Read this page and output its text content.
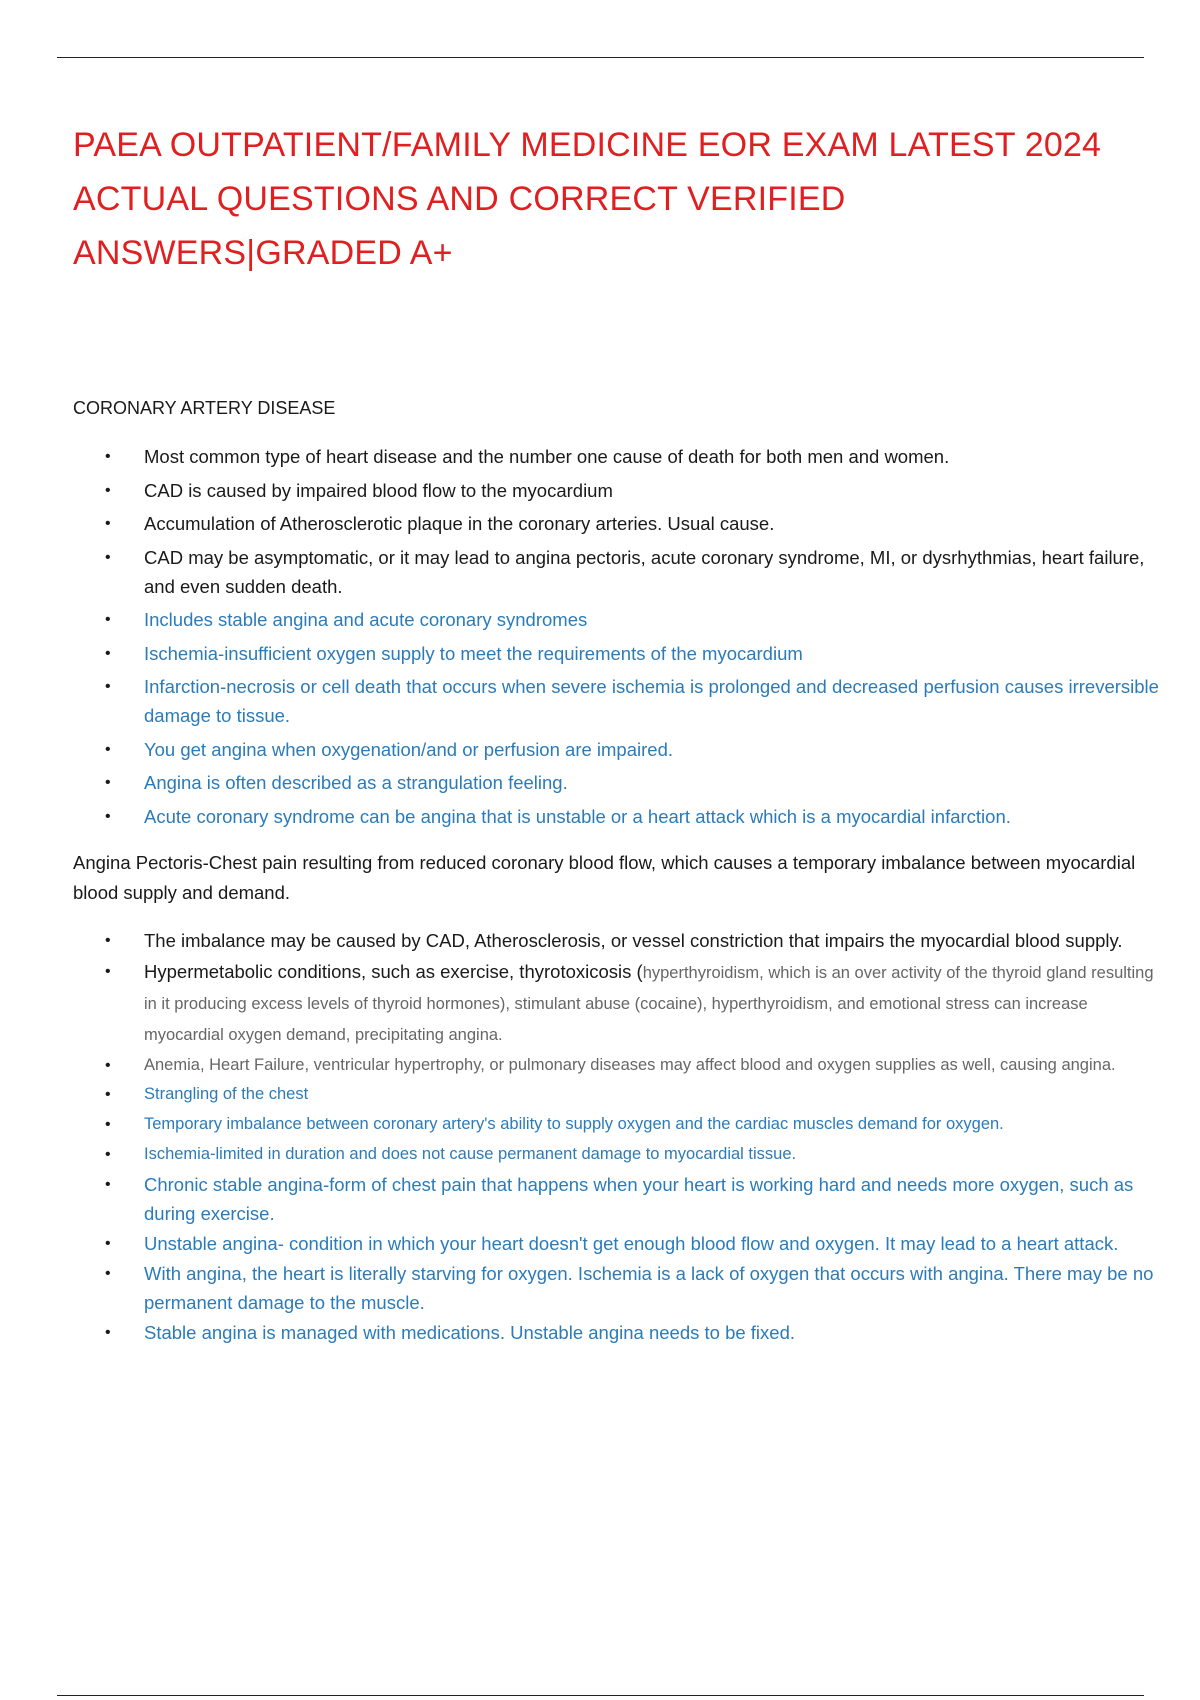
PAEA OUTPATIENT/FAMILY MEDICINE EOR EXAM LATEST 2024 ACTUAL QUESTIONS AND CORRECT VERIFIED ANSWERS|GRADED A+
CORONARY ARTERY DISEASE
• Most common type of heart disease and the number one cause of death for both men and women.
• CAD is caused by impaired blood flow to the myocardium
• Accumulation of Atherosclerotic plaque in the coronary arteries. Usual cause.
• CAD may be asymptomatic, or it may lead to angina pectoris, acute coronary syndrome, MI, or dysrhythmias, heart failure, and even sudden death.
• Includes stable angina and acute coronary syndromes
• Ischemia-insufficient oxygen supply to meet the requirements of the myocardium
• Infarction-necrosis or cell death that occurs when severe ischemia is prolonged and decreased perfusion causes irreversible damage to tissue.
• You get angina when oxygenation/and or perfusion are impaired.
• Angina is often described as a strangulation feeling.
• Acute coronary syndrome can be angina that is unstable or a heart attack which is a myocardial infarction.

Angina Pectoris-Chest pain resulting from reduced coronary blood flow, which causes a temporary imbalance between myocardial blood supply and demand.

• The imbalance may be caused by CAD, Atherosclerosis, or vessel constriction that impairs the myocardial blood supply.
• Hypermetabolic conditions, such as exercise, thyrotoxicosis (hyperthyroidism, which is an over activity of the thyroid gland resulting in it producing excess levels of thyroid hormones), stimulant abuse (cocaine), hyperthyroidism, and emotional stress can increase myocardial oxygen demand, precipitating angina.
• Anemia, Heart Failure, ventricular hypertrophy, or pulmonary diseases may affect blood and oxygen supplies as well, causing angina.
• Strangling of the chest
• Temporary imbalance between coronary artery's ability to supply oxygen and the cardiac muscles demand for oxygen.
• Ischemia-limited in duration and does not cause permanent damage to myocardial tissue.
• Chronic stable angina-form of chest pain that happens when your heart is working hard and needs more oxygen, such as during exercise.
• Unstable angina- condition in which your heart doesn't get enough blood flow and oxygen. It may lead to a heart attack.
• With angina, the heart is literally starving for oxygen. Ischemia is a lack of oxygen that occurs with angina. There may be no permanent damage to the muscle.
• Stable angina is managed with medications. Unstable angina needs to be fixed.
